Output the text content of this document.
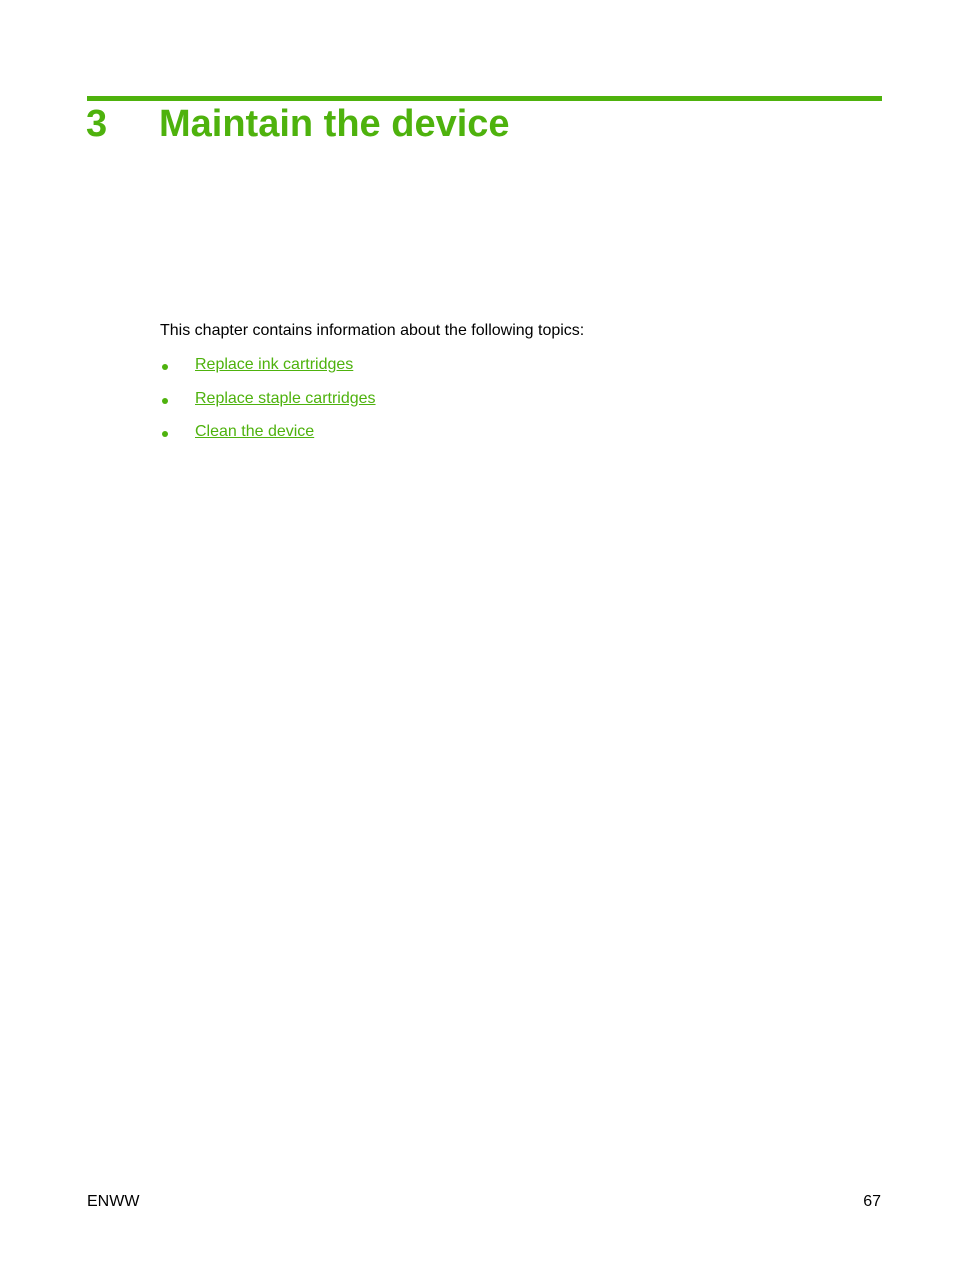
3 Maintain the device

This chapter contains information about the following topics:

Replace ink cartridges
Replace staple cartridges
Clean the device
ENWW	67
